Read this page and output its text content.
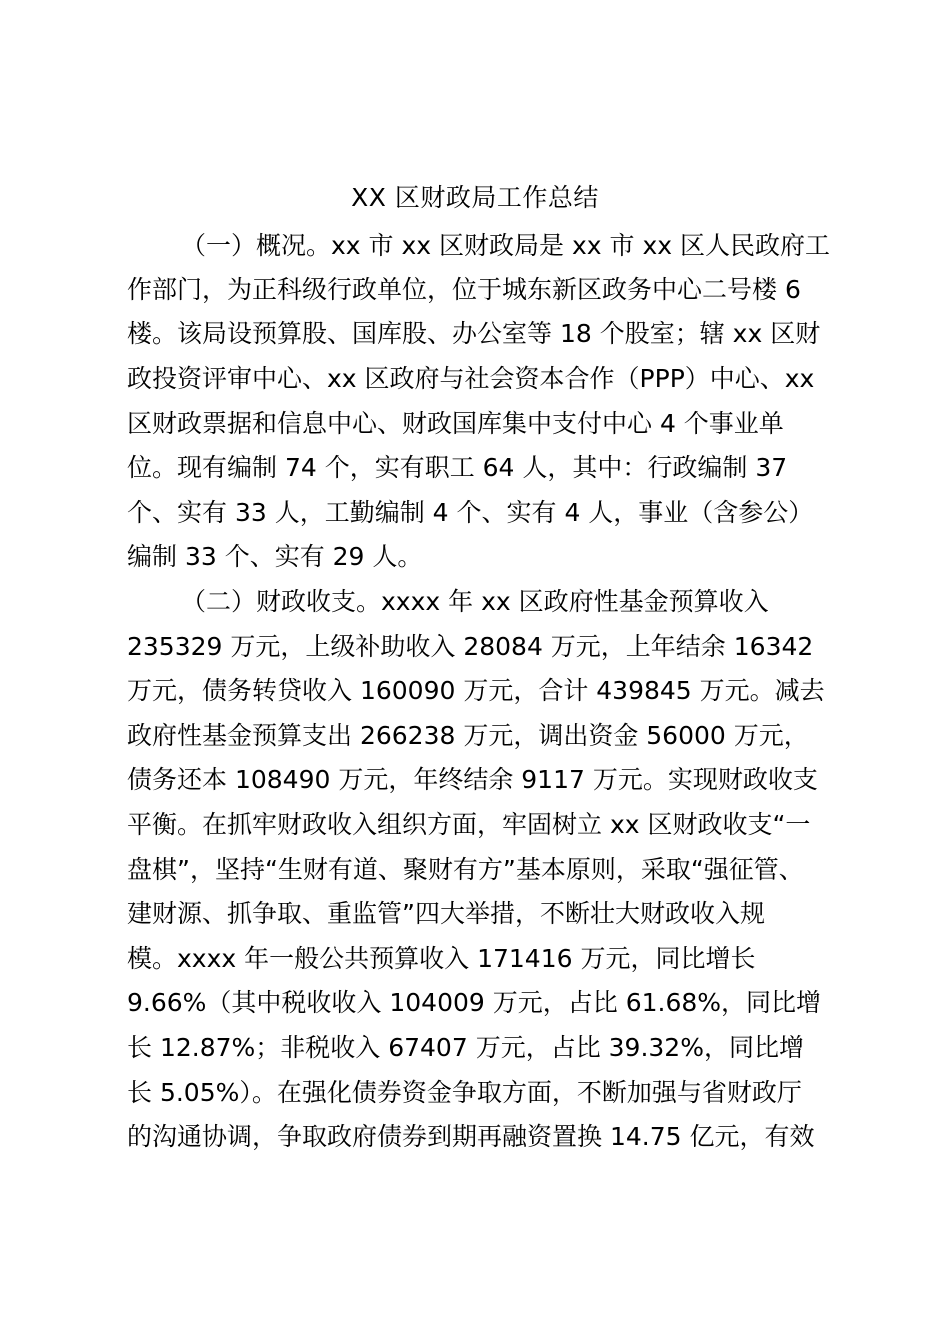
XX 区财政局工作总结
（一）概况。xx 市 xx 区财政局是 xx 市 xx 区人民政府工
作部门，为正科级行政单位，位于城东新区政务中心二号楼 6
楼。该局设预算股、国库股、办公室等 18 个股室；辖 xx 区财
政投资评审中心、xx 区政府与社会资本合作（PPP）中心、xx
区财政票据和信息中心、财政国库集中支付中心 4 个事业单
位。现有编制 74 个，实有职工 64 人，其中：行政编制 37
个、实有 33 人，工勤编制 4 个、实有 4 人，事业（含参公）
编制 33 个、实有 29 人。
（二）财政收支。xxxx 年 xx 区政府性基金预算收入
235329 万元，上级补助收入 28084 万元，上年结余 16342
万元，债务转贷收入 160090 万元，合计 439845 万元。减去
政府性基金预算支出 266238 万元，调出资金 56000 万元，
债务还本 108490 万元，年终结余 9117 万元。实现财政收支
平衡。在抓牢财政收入组织方面，牢固树立 xx 区财政收支“一
盘棋”，坚持“生财有道、聚财有方”基本原则，采取“强征管、
建财源、抓争取、重监管”四大举措，不断壮大财政收入规
模。xxxx 年一般公共预算收入 171416 万元，同比增长
9.66%（其中税收收入 104009 万元，占比 61.68%，同比增
长 12.87%；非税收入 67407 万元，占比 39.32%，同比增
长 5.05%）。在强化债券资金争取方面，不断加强与省财政厅
的沟通协调，争取政府债券到期再融资置换 14.75 亿元，有效
